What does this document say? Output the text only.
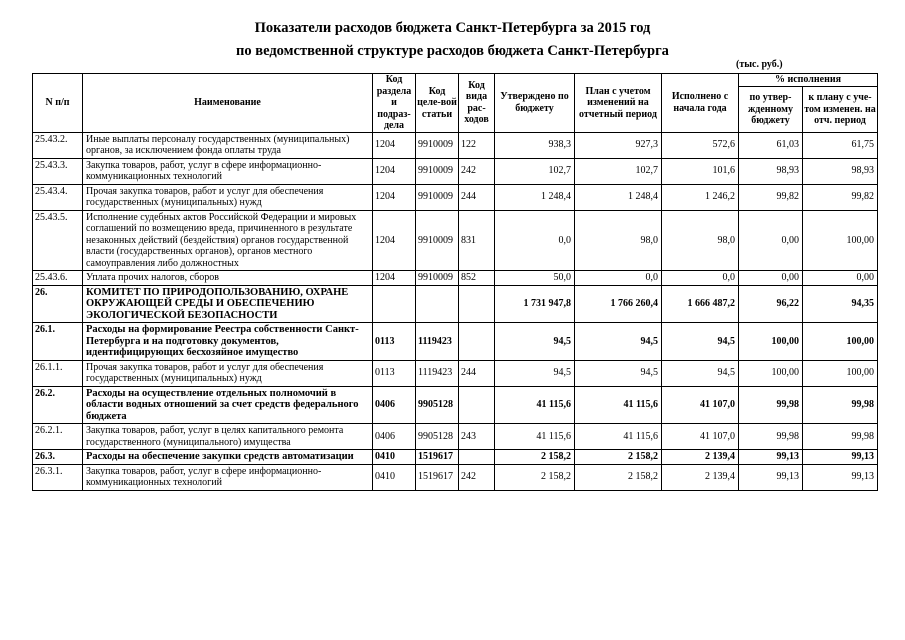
Показатели расходов бюджета Санкт-Петербурга за 2015 год
по ведомственной структуре расходов бюджета Санкт-Петербурга
(тыс. руб.)
N п/п	Наименование	Код раздела и подраз-дела	Код целе-вой статьи	Код вида рас-ходов	Утверждено по бюджету	План с учетом изменений на отчетный период	Исполнено с начала года	% исполнения	
								по утвер-жденному бюджету	к плану с уче-том изменен. на отч. период
25.43.2.	Иные выплаты персоналу государственных (муниципальных) органов, за исключением фонда оплаты труда	1204	9910009	122	938,3	927,3	572,6	61,03	61,75
25.43.3.	Закупка товаров, работ, услуг в сфере информационно-коммуникационных технологий	1204	9910009	242	102,7	102,7	101,6	98,93	98,93
25.43.4.	Прочая закупка товаров, работ и услуг для обеспечения государственных (муниципальных) нужд	1204	9910009	244	1 248,4	1 248,4	1 246,2	99,82	99,82
25.43.5.	Исполнение судебных актов Российской Федерации и мировых соглашений по возмещению вреда, причиненного в результате незаконных действий (бездействия) органов государственной власти (государственных органов), органов местного самоуправления либо должностных	1204	9910009	831	0,0	98,0	98,0	0,00	100,00
25.43.6.	Уплата прочих налогов, сборов	1204	9910009	852	50,0	0,0	0,0	0,00	0,00
26.	КОМИТЕТ ПО ПРИРОДОПОЛЬЗОВАНИЮ, ОХРАНЕ ОКРУЖАЮЩЕЙ СРЕДЫ И ОБЕСПЕЧЕНИЮ ЭКОЛОГИЧЕСКОЙ БЕЗОПАСНОСТИ				1 731 947,8	1 766 260,4	1 666 487,2	96,22	94,35
26.1.	Расходы на формирование Реестра собственности Санкт-Петербурга и на подготовку документов, идентифицирующих бесхозяйное имущество	0113	1119423		94,5	94,5	94,5	100,00	100,00
26.1.1.	Прочая закупка товаров, работ и услуг для обеспечения государственных (муниципальных) нужд	0113	1119423	244	94,5	94,5	94,5	100,00	100,00
26.2.	Расходы на осуществление отдельных полномочий в области водных отношений за счет средств федерального бюджета	0406	9905128		41 115,6	41 115,6	41 107,0	99,98	99,98
26.2.1.	Закупка товаров, работ, услуг в целях капитального ремонта государственного (муниципального) имущества	0406	9905128	243	41 115,6	41 115,6	41 107,0	99,98	99,98
26.3.	Расходы на обеспечение закупки средств автоматизации	0410	1519617		2 158,2	2 158,2	2 139,4	99,13	99,13
26.3.1.	Закупка товаров, работ, услуг в сфере информационно-коммуникационных технологий	0410	1519617	242	2 158,2	2 158,2	2 139,4	99,13	99,13
